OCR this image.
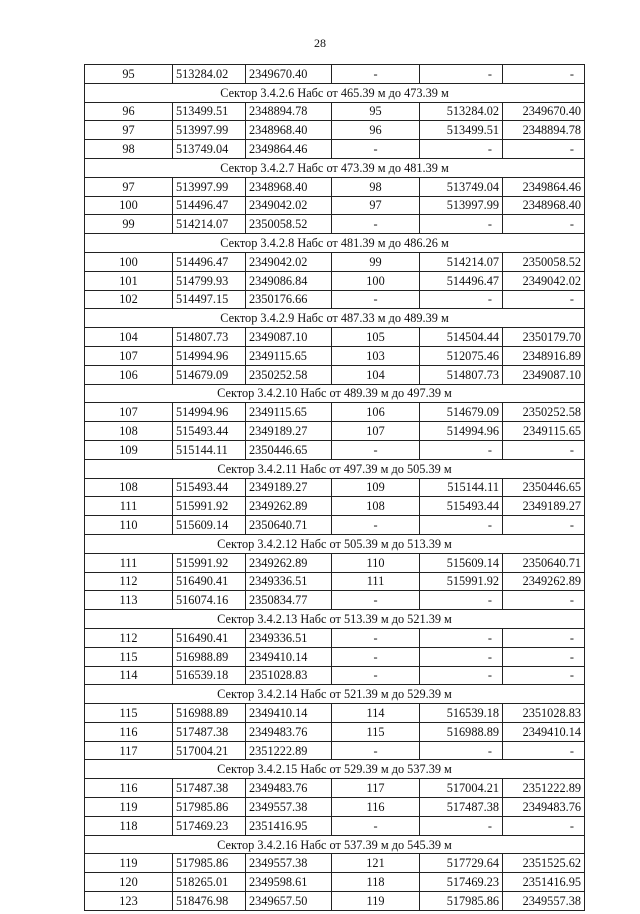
28
95	513284.02	2349670.40	-	-	-
Сектор 3.4.2.6 Набс от 465.39 м до 473.39 м					
96	513499.51	2348894.78	95	513284.02	2349670.40
97	513997.99	2348968.40	96	513499.51	2348894.78
98	513749.04	2349864.46	-	-	-
Сектор 3.4.2.7 Набс от 473.39 м до 481.39 м					
97	513997.99	2348968.40	98	513749.04	2349864.46
100	514496.47	2349042.02	97	513997.99	2348968.40
99	514214.07	2350058.52	-	-	-
Сектор 3.4.2.8 Набс от 481.39 м до 486.26 м					
100	514496.47	2349042.02	99	514214.07	2350058.52
101	514799.93	2349086.84	100	514496.47	2349042.02
102	514497.15	2350176.66	-	-	-
Сектор 3.4.2.9 Набс от 487.33 м до 489.39 м					
104	514807.73	2349087.10	105	514504.44	2350179.70
107	514994.96	2349115.65	103	512075.46	2348916.89
106	514679.09	2350252.58	104	514807.73	2349087.10
Сектор 3.4.2.10 Набс от 489.39 м до 497.39 м					
107	514994.96	2349115.65	106	514679.09	2350252.58
108	515493.44	2349189.27	107	514994.96	2349115.65
109	515144.11	2350446.65	-	-	-
Сектор 3.4.2.11 Набс от 497.39 м до 505.39 м					
108	515493.44	2349189.27	109	515144.11	2350446.65
111	515991.92	2349262.89	108	515493.44	2349189.27
110	515609.14	2350640.71	-	-	-
Сектор 3.4.2.12 Набс от 505.39 м до 513.39 м					
111	515991.92	2349262.89	110	515609.14	2350640.71
112	516490.41	2349336.51	111	515991.92	2349262.89
113	516074.16	2350834.77	-	-	-
Сектор 3.4.2.13 Набс от 513.39 м до 521.39 м					
112	516490.41	2349336.51	-	-	-
115	516988.89	2349410.14	-	-	-
114	516539.18	2351028.83	-	-	-
Сектор 3.4.2.14 Набс от 521.39 м до 529.39 м					
115	516988.89	2349410.14	114	516539.18	2351028.83
116	517487.38	2349483.76	115	516988.89	2349410.14
117	517004.21	2351222.89	-	-	-
Сектор 3.4.2.15 Набс от 529.39 м до 537.39 м					
116	517487.38	2349483.76	117	517004.21	2351222.89
119	517985.86	2349557.38	116	517487.38	2349483.76
118	517469.23	2351416.95	-	-	-
Сектор 3.4.2.16 Набс от 537.39 м до 545.39 м					
119	517985.86	2349557.38	121	517729.64	2351525.62
120	518265.01	2349598.61	118	517469.23	2351416.95
123	518476.98	2349657.50	119	517985.86	2349557.38
